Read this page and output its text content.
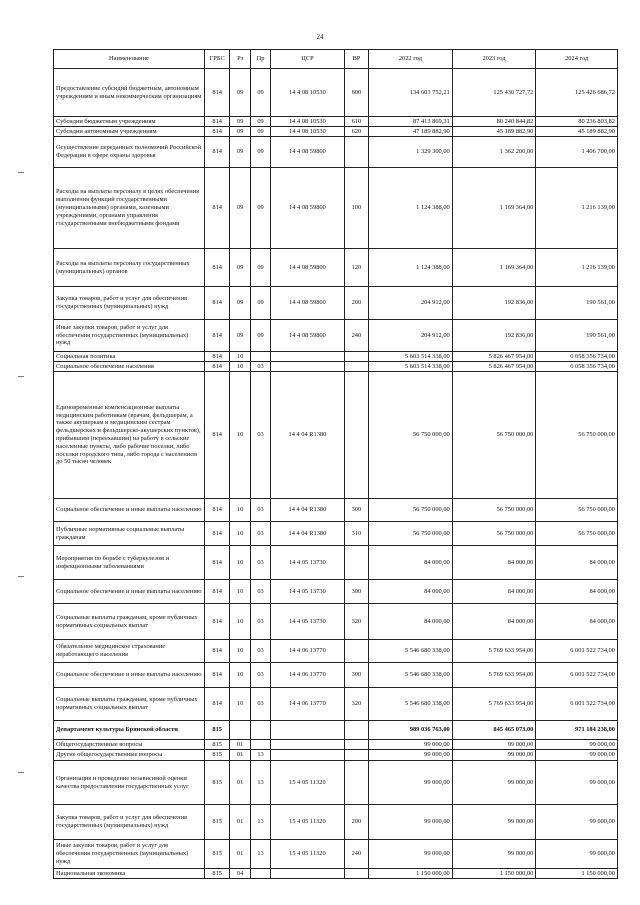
24
Наименование	ГРБС	Рз	Пр	ЦСР	ВР	2022 год	2023 год	2024 год
Предоставление субсидий бюджетным, автономным учреждениям и иным некоммерческим организациям	814	09	09	14 4 08 10530	600	134 603 752,21	125 430 727,72	125 426 686,72
Субсидии бюджетным учреждениям	814	09	09	14 4 08 10530	610	87 413 869,31	80 240 844,82	80 236 803,82
Субсидии автономным учреждениям	814	09	09	14 4 08 10530	620	47 189 882,90	45 189 882,90	45 189 882,90
Осуществление переданных полномочий Российской Федерации в сфере охраны здоровья	814	09	09	14 4 08 59800		1 329 300,00	1 362 200,00	1 406 700,00
Расходы на выплаты персоналу в целях обеспечения выполнения функций государственными (муниципальными) органами, казенными учреждениями, органами управления государственными внебюджетными фондами	814	09	09	14 4 08 59800	100	1 124 388,00	1 169 364,00	1 216 139,00
Расходы на выплаты персоналу государственных (муниципальных) органов	814	09	09	14 4 08 59800	120	1 124 388,00	1 169 364,00	1 216 139,00
Закупка товаров, работ и услуг для обеспечения государственных (муниципальных) нужд	814	09	09	14 4 08 59800	200	204 912,00	192 836,00	190 561,00
Иные закупки товаров, работ и услуг для обеспечения государственных (муниципальных) нужд	814	09	09	14 4 08 59800	240	204 912,00	192 836,00	190 561,00
Социальная политика	814	10				5 603 514 338,00	5 826 467 954,00	6 058 356 734,00
Социальное обеспечение населения	814	10	03			5 603 514 338,00	5 826 467 954,00	6 058 356 734,00
Единовременные компенсационные выплаты медицинским работникам (врачам, фельдшерам, а также акушеркам и медицинским сестрам фельдшерских и фельдшерско-акушерских пунктов), прибывшим (переехавшим) на работу в сельские населенные пункты, либо рабочие поселки, либо поселки городского типа, либо города с населением до 50 тысяч человек	814	10	03	14 4 04 R1380		56 750 000,00	56 750 000,00	56 750 000,00
Социальное обеспечение и иные выплаты населению	814	10	03	14 4 04 R1380	300	56 750 000,00	56 750 000,00	56 750 000,00
Публичные нормативные социальные выплаты гражданам	814	10	03	14 4 04 R1380	310	56 750 000,00	56 750 000,00	56 750 000,00
Мероприятия по борьбе с туберкулезом и инфекционными заболеваниями	814	10	03	14 4 05 13730		84 000,00	84 000,00	84 000,00
Социальное обеспечение и иные выплаты населению	814	10	03	14 4 05 13730	300	84 000,00	84 000,00	84 000,00
Социальные выплаты гражданам, кроме публичных нормативных социальных выплат	814	10	03	14 4 05 13730	320	84 000,00	84 000,00	84 000,00
Обязательное медицинское страхование неработающего населения	814	10	03	14 4 06 13770		5 546 680 338,00	5 769 633 954,00	6 001 522 734,00
Социальное обеспечение и иные выплаты населению	814	10	03	14 4 06 13770	300	5 546 680 338,00	5 769 633 954,00	6 001 522 734,00
Социальные выплаты гражданам, кроме публичных нормативных социальных выплат	814	10	03	14 4 06 13770	320	5 546 680 338,00	5 769 633 954,00	6 001 522 734,00
Департамент культуры Брянской области	815					989 036 763,00	845 465 073,00	971 184 238,00
Общегосударственные вопросы	815	01				99 000,00	99 000,00	99 000,00
Другие общегосударственные вопросы	815	01	13			99 000,00	99 000,00	99 000,00
Организация и проведение независимой оценки качества предоставления государственных услуг	815	01	13	15 4 05 11320		99 000,00	99 000,00	99 000,00
Закупка товаров, работ и услуг для обеспечения государственных (муниципальных) нужд	815	01	13	15 4 05 11320	200	99 000,00	99 000,00	99 000,00
Иные закупки товаров, работ и услуг для обеспечения государственных (муниципальных) нужд	815	01	13	15 4 05 11320	240	99 000,00	99 000,00	99 000,00
Национальная экономика	815	04				1 150 000,00	1 150 000,00	1 150 000,00
